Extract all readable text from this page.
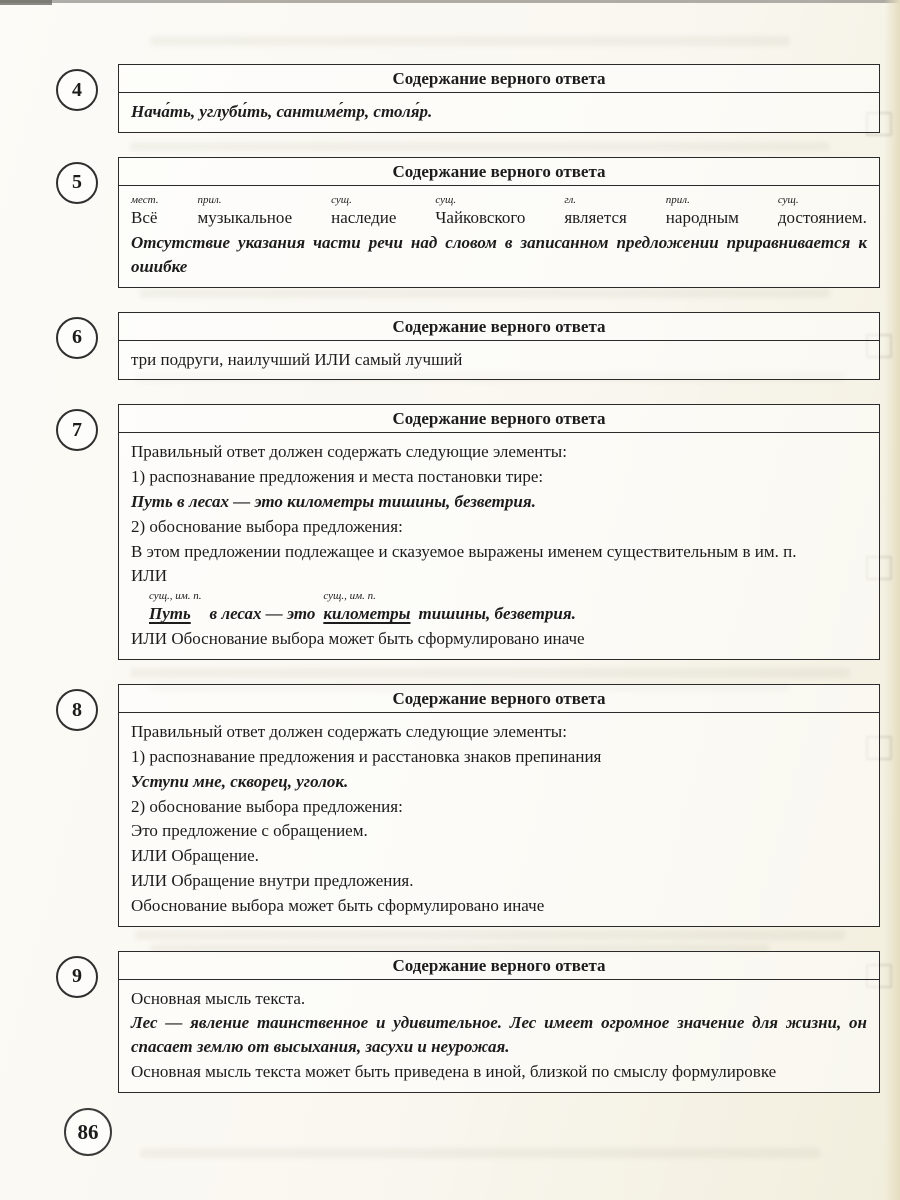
4	Содержание верного ответа

Нача́ть, углуби́ть, сантиме́тр, столя́р.

5	Содержание верного ответа
мест.
Всё
прил.
музыкальное
сущ.
наследие
сущ.
Чайковского
гл.
является
прил.
народным
сущ.
достоянием.

Отсутствие указания части речи над словом в записанном предложении приравнивается к ошибке

6	Содержание верного ответа

три подруги, наилучший ИЛИ самый лучший

7	Содержание верного ответа

Правильный ответ должен содержать следующие элементы:

1) распознавание предложения и места постановки тире:

Путь в лесах — это километры тишины, безветрия.

2) обоснование выбора предложения:

В этом предложении подлежащее и сказуемое выражены именем существительным в им. п.

ИЛИ

сущ., им. п.
Путь	в лесах — это
сущ., им. п.
километры тишины, безветрия.

ИЛИ Обоснование выбора может быть сформулировано иначе

8	Содержание верного ответа

Правильный ответ должен содержать следующие элементы:

1) распознавание предложения и расстановка знаков препинания

Уступи мне, скворец, уголок.

2) обоснование выбора предложения:

Это предложение с обращением.

ИЛИ Обращение.

ИЛИ Обращение внутри предложения.

Обоснование выбора может быть сформулировано иначе

9	Содержание верного ответа

Основная мысль текста.

Лес — явление таинственное и удивительное. Лес имеет огромное значение для жизни, он спасает землю от высыхания, засухи и неурожая.

Основная мысль текста может быть приведена в иной, близкой по смыслу формулировке

86
